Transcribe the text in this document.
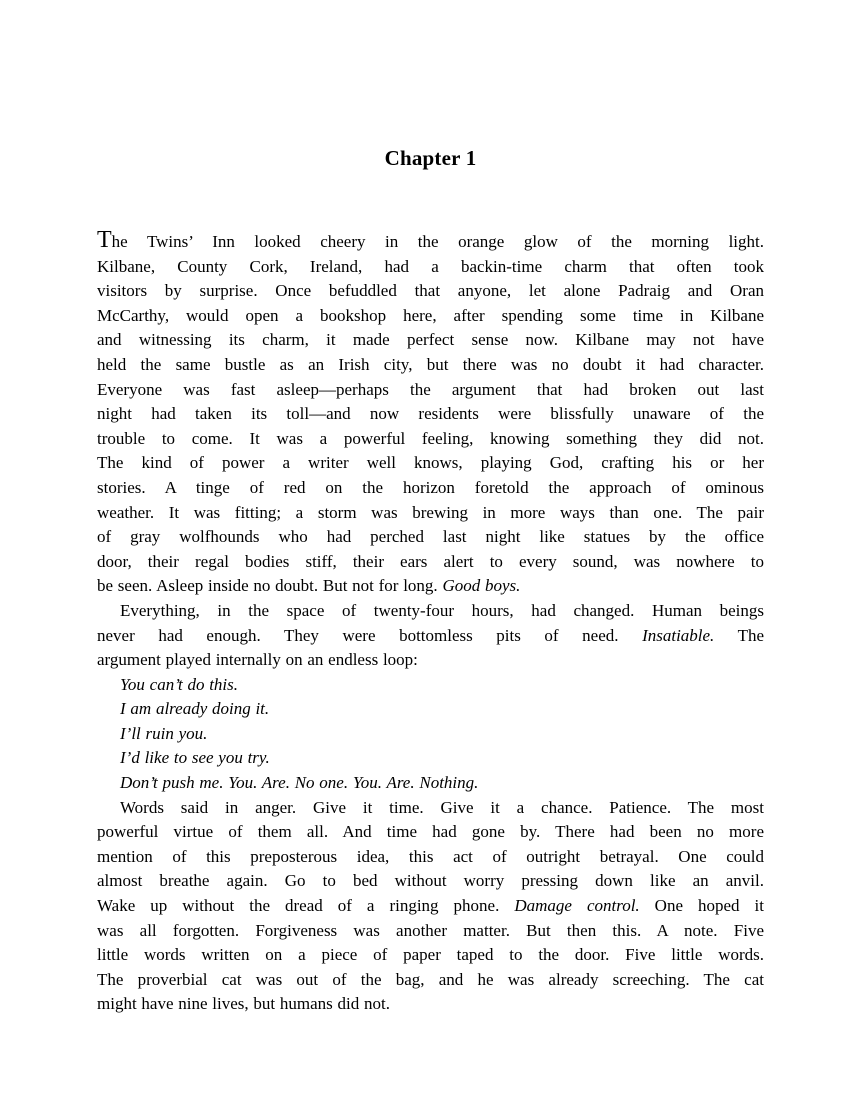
Chapter 1
The Twins’ Inn looked cheery in the orange glow of the morning light.
Kilbane, County Cork, Ireland, had a backin-time charm that often took
visitors by surprise. Once befuddled that anyone, let alone Padraig and Oran
McCarthy, would open a bookshop here, after spending some time in Kilbane
and witnessing its charm, it made perfect sense now. Kilbane may not have
held the same bustle as an Irish city, but there was no doubt it had character.
Everyone was fast asleep—perhaps the argument that had broken out last
night had taken its toll—and now residents were blissfully unaware of the
trouble to come. It was a powerful feeling, knowing something they did not.
The kind of power a writer well knows, playing God, crafting his or her
stories. A tinge of red on the horizon foretold the approach of ominous
weather. It was fitting; a storm was brewing in more ways than one. The pair
of gray wolfhounds who had perched last night like statues by the office
door, their regal bodies stiff, their ears alert to every sound, was nowhere to
be seen. Asleep inside no doubt. But not for long. Good boys.
Everything, in the space of twenty-four hours, had changed. Human beings
never had enough. They were bottomless pits of need. Insatiable. The
argument played internally on an endless loop:
You can’t do this.
I am already doing it.
I’ll ruin you.
I’d like to see you try.
Don’t push me. You. Are. No one. You. Are. Nothing.
Words said in anger. Give it time. Give it a chance. Patience. The most
powerful virtue of them all. And time had gone by. There had been no more
mention of this preposterous idea, this act of outright betrayal. One could
almost breathe again. Go to bed without worry pressing down like an anvil.
Wake up without the dread of a ringing phone. Damage control. One hoped it
was all forgotten. Forgiveness was another matter. But then this. A note. Five
little words written on a piece of paper taped to the door. Five little words.
The proverbial cat was out of the bag, and he was already screeching. The cat
might have nine lives, but humans did not.
